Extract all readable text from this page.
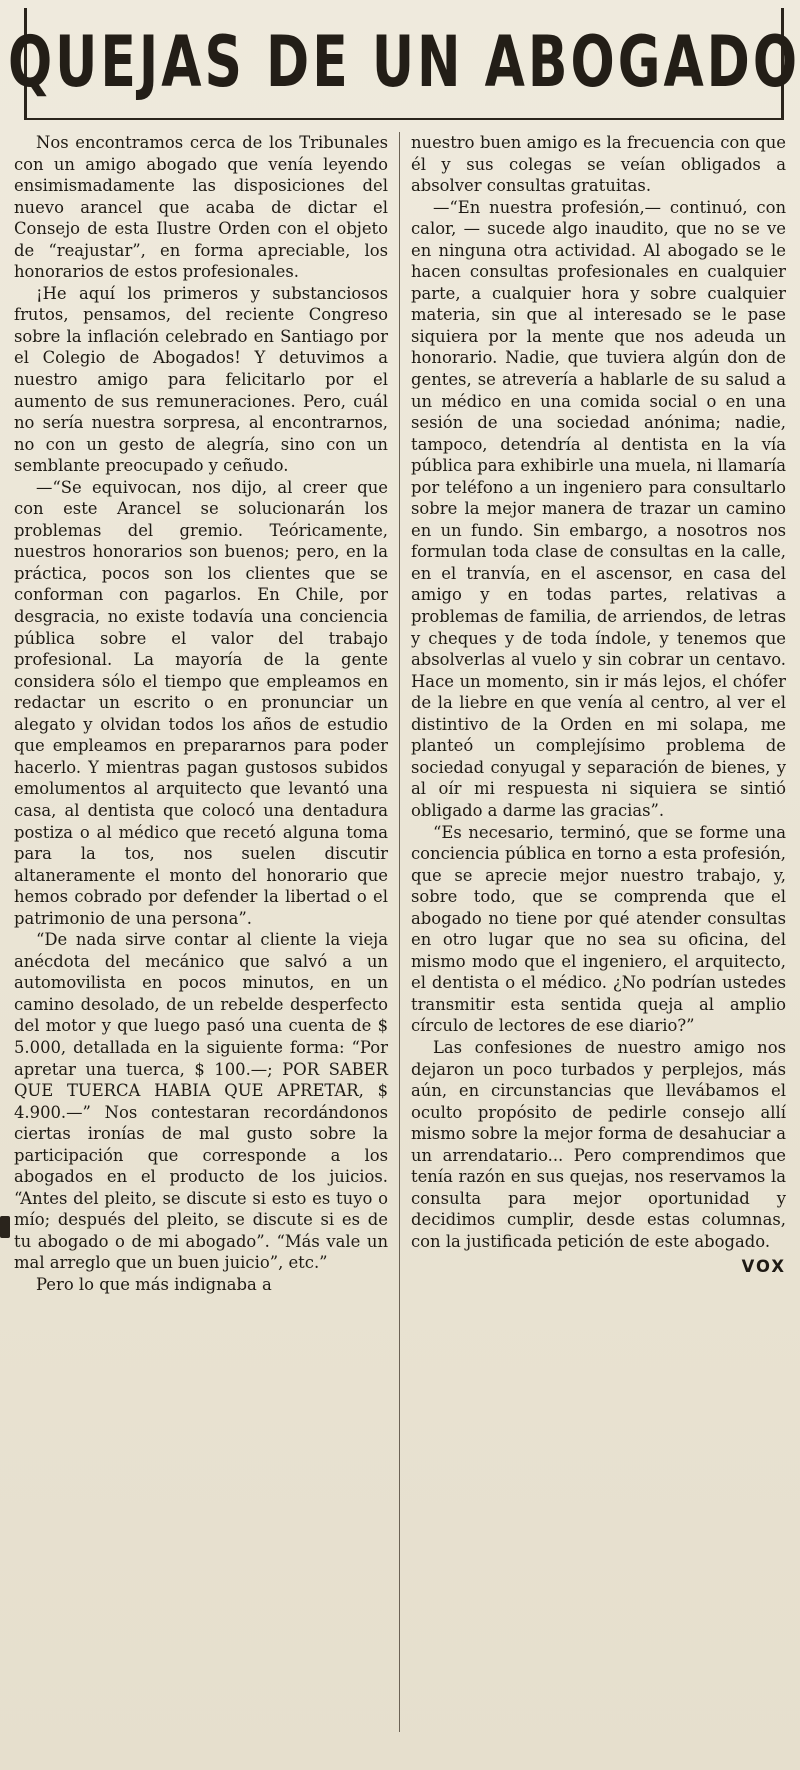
QUEJAS DE UN ABOGADO

Nos encontramos cerca de los Tribunales con un amigo abogado que venía leyendo ensimismadamente las disposiciones del nuevo arancel que acaba de dictar el Consejo de esta Ilustre Orden con el objeto de “reajustar”, en forma apreciable, los honorarios de estos profesionales.

¡He aquí los primeros y substanciosos frutos, pensamos, del reciente Congreso sobre la inflación celebrado en Santiago por el Colegio de Abogados! Y detuvimos a nuestro amigo para felicitarlo por el aumento de sus remuneraciones. Pero, cuál no sería nuestra sorpresa, al encontrarnos, no con un gesto de alegría, sino con un semblante preocupado y ceñudo.

—“Se equivocan, nos dijo, al creer que con este Arancel se solucionarán los problemas del gremio. Teóricamente, nuestros honorarios son buenos; pero, en la práctica, pocos son los clientes que se conforman con pagarlos. En Chile, por desgracia, no existe todavía una conciencia pública sobre el valor del trabajo profesional. La mayoría de la gente considera sólo el tiempo que empleamos en redactar un escrito o en pronunciar un alegato y olvidan todos los años de estudio que empleamos en prepararnos para poder hacerlo. Y mientras pagan gustosos subidos emolumentos al arquitecto que levantó una casa, al dentista que colocó una dentadura postiza o al médico que recetó alguna toma para la tos, nos suelen discutir altaneramente el monto del honorario que hemos cobrado por defender la libertad o el patrimonio de una persona”.

“De nada sirve contar al cliente la vieja anécdota del mecánico que salvó a un automovilista en pocos minutos, en un camino desolado, de un rebelde desperfecto del motor y que luego pasó una cuenta de $ 5.000, detallada en la siguiente forma: “Por apretar una tuerca, $ 100.—; POR SABER QUE TUERCA HABIA QUE APRETAR, $ 4.900.—” Nos contestaran recordándonos ciertas ironías de mal gusto sobre la participación que corresponde a los abogados en el producto de los juicios. “Antes del pleito, se discute si esto es tuyo o mío; después del pleito, se discute si es de tu abogado o de mi abogado”. “Más vale un mal arreglo que un buen juicio”, etc.”

Pero lo que más indignaba a

nuestro buen amigo es la frecuencia con que él y sus colegas se veían obligados a absolver consultas gratuitas.

—“En nuestra profesión,— continuó, con calor, — sucede algo inaudito, que no se ve en ninguna otra actividad. Al abogado se le hacen consultas profesionales en cualquier parte, a cualquier hora y sobre cualquier materia, sin que al interesado se le pase siquiera por la mente que nos adeuda un honorario. Nadie, que tuviera algún don de gentes, se atrevería a hablarle de su salud a un médico en una comida social o en una sesión de una sociedad anónima; nadie, tampoco, detendría al dentista en la vía pública para exhibirle una muela, ni llamaría por teléfono a un ingeniero para consultarlo sobre la mejor manera de trazar un camino en un fundo. Sin embargo, a nosotros nos formulan toda clase de consultas en la calle, en el tranvía, en el ascensor, en casa del amigo y en todas partes, relativas a problemas de familia, de arriendos, de letras y cheques y de toda índole, y tenemos que absolverlas al vuelo y sin cobrar un centavo. Hace un momento, sin ir más lejos, el chófer de la liebre en que venía al centro, al ver el distintivo de la Orden en mi solapa, me planteó un complejísimo problema de sociedad conyugal y separación de bienes, y al oír mi respuesta ni siquiera se sintió obligado a darme las gracias”.

“Es necesario, terminó, que se forme una conciencia pública en torno a esta profesión, que se aprecie mejor nuestro trabajo, y, sobre todo, que se comprenda que el abogado no tiene por qué atender consultas en otro lugar que no sea su oficina, del mismo modo que el ingeniero, el arquitecto, el dentista o el médico. ¿No podrían ustedes transmitir esta sentida queja al amplio círculo de lectores de ese diario?”

Las confesiones de nuestro amigo nos dejaron un poco turbados y perplejos, más aún, en circunstancias que llevábamos el oculto propósito de pedirle consejo allí mismo sobre la mejor forma de desahuciar a un arrendatario... Pero comprendimos que tenía razón en sus quejas, nos reservamos la consulta para mejor oportunidad y decidimos cumplir, desde estas columnas, con la justificada petición de este abogado.

VOX
